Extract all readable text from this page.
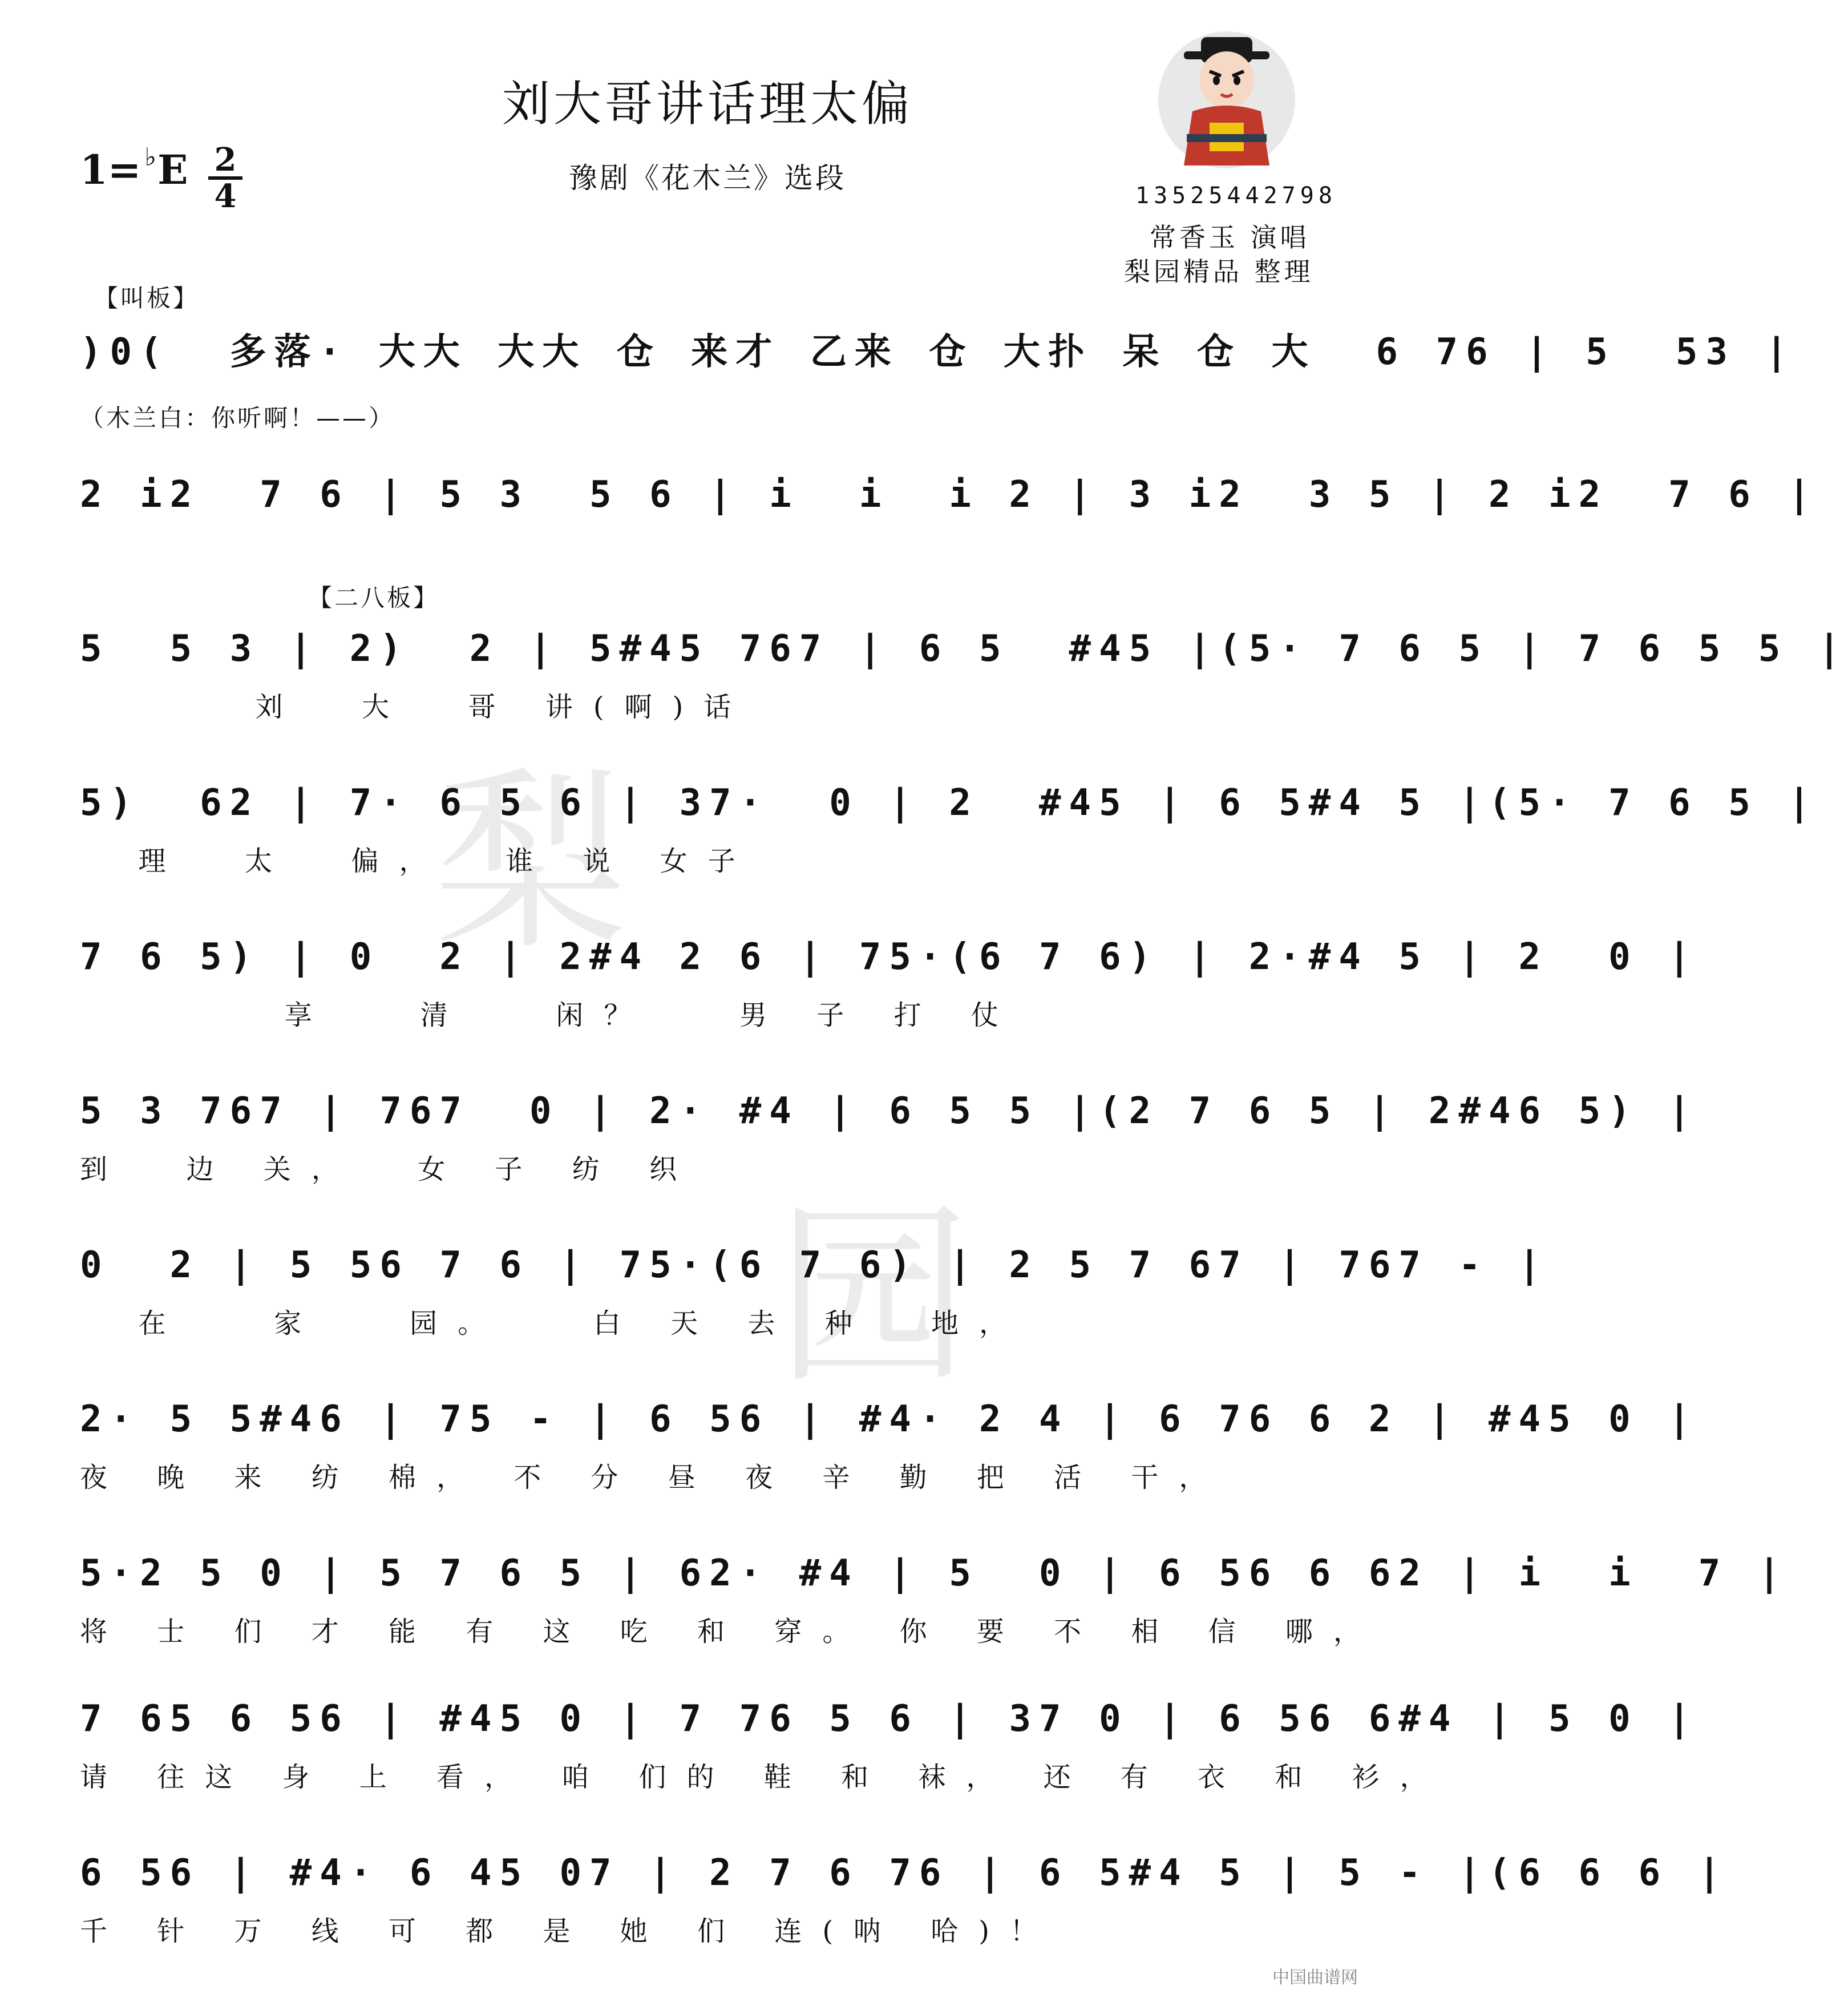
梨
园
刘大哥讲话理太偏
1= ♭E 2
4	豫剧《花木兰》选段
13525442798
常香玉 演唱
梨园精品 整理
【叫板】
（木兰白：你听啊！——）
【二八板】
)0(  多落· 大大 大大 仓 来才 乙来 仓 大扑 呆 仓 大  6 76 | 5  53 |
2 i2  7 6 | 5 3  5 6 | i  i  i 2 | 3 i2  3 5 | 2 i2  7 6 |
5  5 3 | 2)  2 | 5#45 767 | 6 5  #45 |(5· 7 6 5 | 7 6 5 5 |
刘  大  哥 讲(啊)话
5)  62 | 7· 6 5 6 | 37·  0 | 2  #45 | 6 5#4 5 |(5· 7 6 5 |
理  太  偏，  谁 说 女子
7 6 5) | 0  2 | 2#4 2 6 | 75·(6 7 6) | 2·#4 5 | 2  0 |
享   清   闲？   男 子 打 仗
5 3 767 | 767  0 | 2· #4 | 6 5 5 |(2 7 6 5 | 2#46 5) |
到  边 关，  女 子 纺 织
0  2 | 5 56 7 6 | 75·(6 7 6) | 2 5 7 67 | 767 - |
在   家   园。   白 天 去 种  地，
2· 5 5#46 | 75 - | 6 56 | #4· 2 4 | 6 76 6 2 | #45 0 |
夜 晚 来 纺 棉， 不 分 昼 夜 辛 勤 把 活 干，
5·2 5 0 | 5 7 6 5 | 62· #4 | 5  0 | 6 56 6 62 | i  i  7 |
将 士 们 才 能 有 这 吃 和 穿。 你 要 不 相 信 哪，
7 65 6 56 | #45 0 | 7 76 5 6 | 37 0 | 6 56 6#4 | 5 0 |
请 往这 身 上 看， 咱 们的 鞋 和 袜， 还 有 衣 和 衫，
6 56 | #4· 6 45 07 | 2 7 6 76 | 6 5#4 5 | 5 - |(6 6 6 |
千 针 万 线 可 都 是 她 们 连(呐 哈)！
中国曲谱网
